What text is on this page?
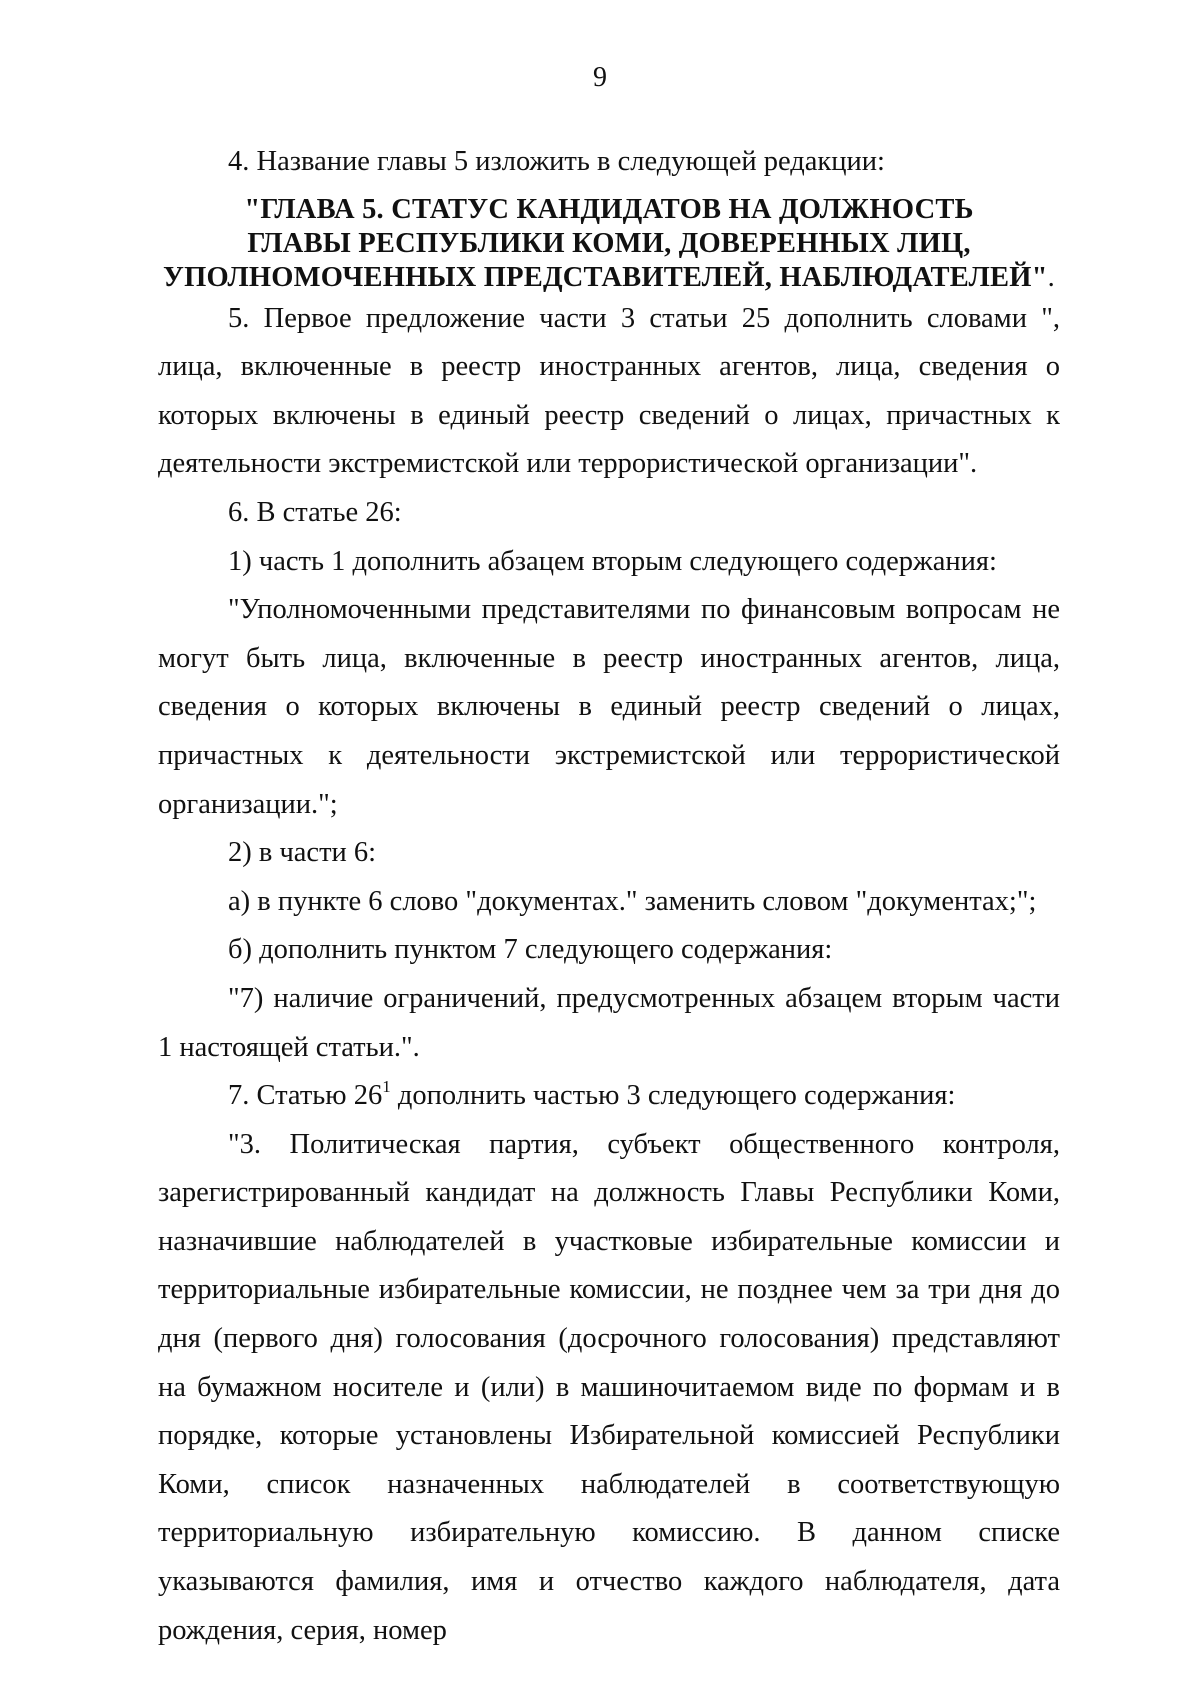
9

4. Название главы 5 изложить в следующей редакции:

"ГЛАВА 5. СТАТУС КАНДИДАТОВ НА ДОЛЖНОСТЬ
ГЛАВЫ РЕСПУБЛИКИ КОМИ, ДОВЕРЕННЫХ ЛИЦ,
УПОЛНОМОЧЕННЫХ ПРЕДСТАВИТЕЛЕЙ, НАБЛЮДАТЕЛЕЙ".

5. Первое предложение части 3 статьи 25 дополнить словами ", лица, включенные в реестр иностранных агентов, лица, сведения о которых включены в единый реестр сведений о лицах, причастных к деятельности экстремистской или террористической организации".

6. В статье 26:

1) часть 1 дополнить абзацем вторым следующего содержания:

"Уполномоченными представителями по финансовым вопросам не могут быть лица, включенные в реестр иностранных агентов, лица, сведения о которых включены в единый реестр сведений о лицах, причастных к деятельности экстремистской или террористической организации.";

2) в части 6:

а) в пункте 6 слово "документах." заменить словом "документах;";

б) дополнить пунктом 7 следующего содержания:

"7) наличие ограничений, предусмотренных абзацем вторым части 1 настоящей статьи.".

7. Статью $26^1$ дополнить частью 3 следующего содержания:

"3. Политическая партия, субъект общественного контроля, зарегистрированный кандидат на должность Главы Республики Коми, назначившие наблюдателей в участковые избирательные комиссии и территориальные избирательные комиссии, не позднее чем за три дня до дня (первого дня) голосования (досрочного голосования) представляют на бумажном носителе и (или) в машиночитаемом виде по формам и в порядке, которые установлены Избирательной комиссией Республики Коми, список назначенных наблюдателей в соответствующую территориальную избирательную комиссию. В данном списке указываются фамилия, имя и отчество каждого наблюдателя, дата рождения, серия, номер
